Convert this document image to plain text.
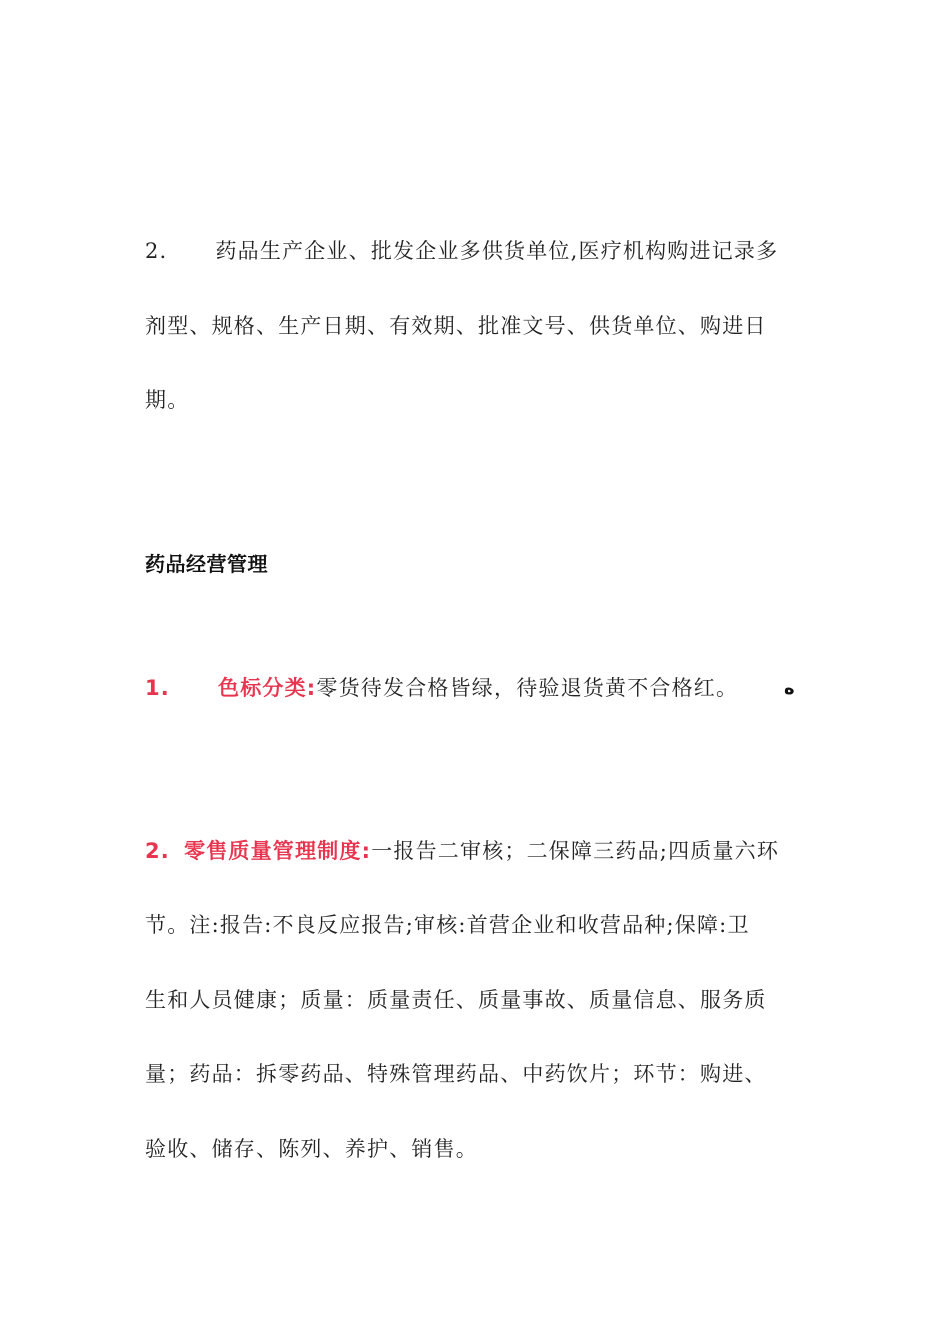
2. 药品生产企业、批发企业多供货单位,医疗机构购进记录多
剂型、规格、生产日期、有效期、批准文号、供货单位、购进日
期。
药品经营管理
1. 色标分类:零货待发合格皆绿，待验退货黄不合格红。	ه
2. 零售质量管理制度:一报告二审核；二保障三药品;四质量六环
节。注:报告:不良反应报告;审核:首营企业和收营品种;保障:卫
生和人员健康；质量：质量责任、质量事故、质量信息、服务质
量；药品：拆零药品、特殊管理药品、中药饮片；环节：购进、
验收、储存、陈列、养护、销售。
